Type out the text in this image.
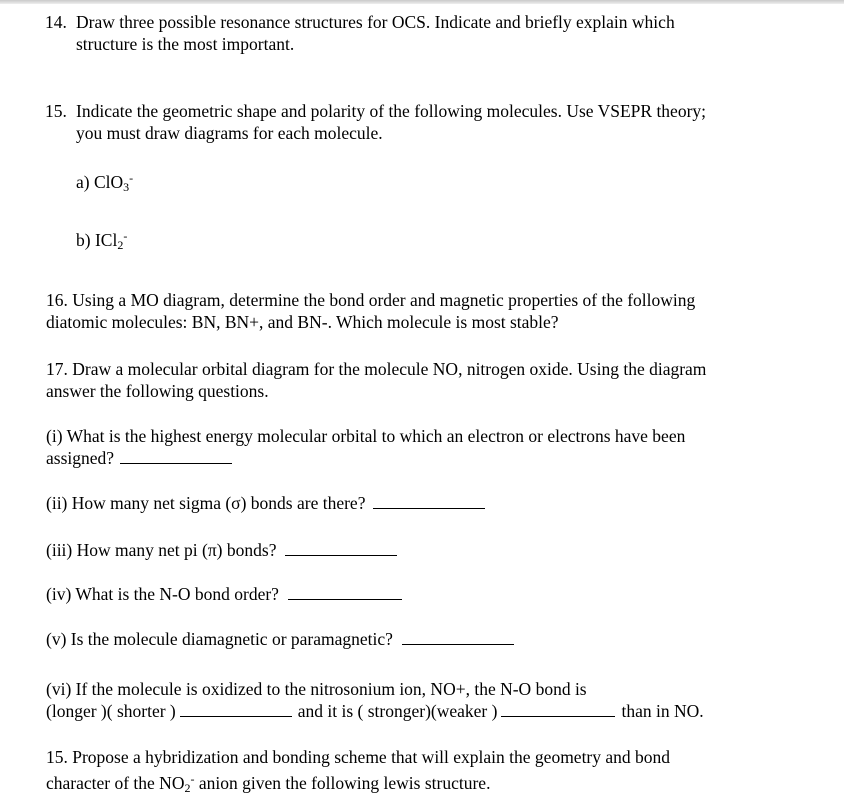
14. Draw three possible resonance structures for OCS. Indicate and briefly explain which
structure is the most important.
15. Indicate the geometric shape and polarity of the following molecules. Use VSEPR theory;
you must draw diagrams for each molecule.
a) ClO$_3$-
b) ICl$_2$-
16. Using a MO diagram, determine the bond order and magnetic properties of the following
diatomic molecules: BN, BN+, and BN-. Which molecule is most stable?
17. Draw a molecular orbital diagram for the molecule NO, nitrogen oxide. Using the diagram
answer the following questions.
(i) What is the highest energy molecular orbital to which an electron or electrons have been
assigned?
(ii) How many net sigma (σ) bonds are there?
(iii) How many net pi (π) bonds?
(iv) What is the N-O bond order?
(v) Is the molecule diamagnetic or paramagnetic?
(vi) If the molecule is oxidized to the nitrosonium ion, NO+, the N-O bond is
(longer )( shorter )	and it is ( stronger)(weaker )	than in NO.
15. Propose a hybridization and bonding scheme that will explain the geometry and bond
character of the $NO_2^-$ anion given the following lewis structure.
